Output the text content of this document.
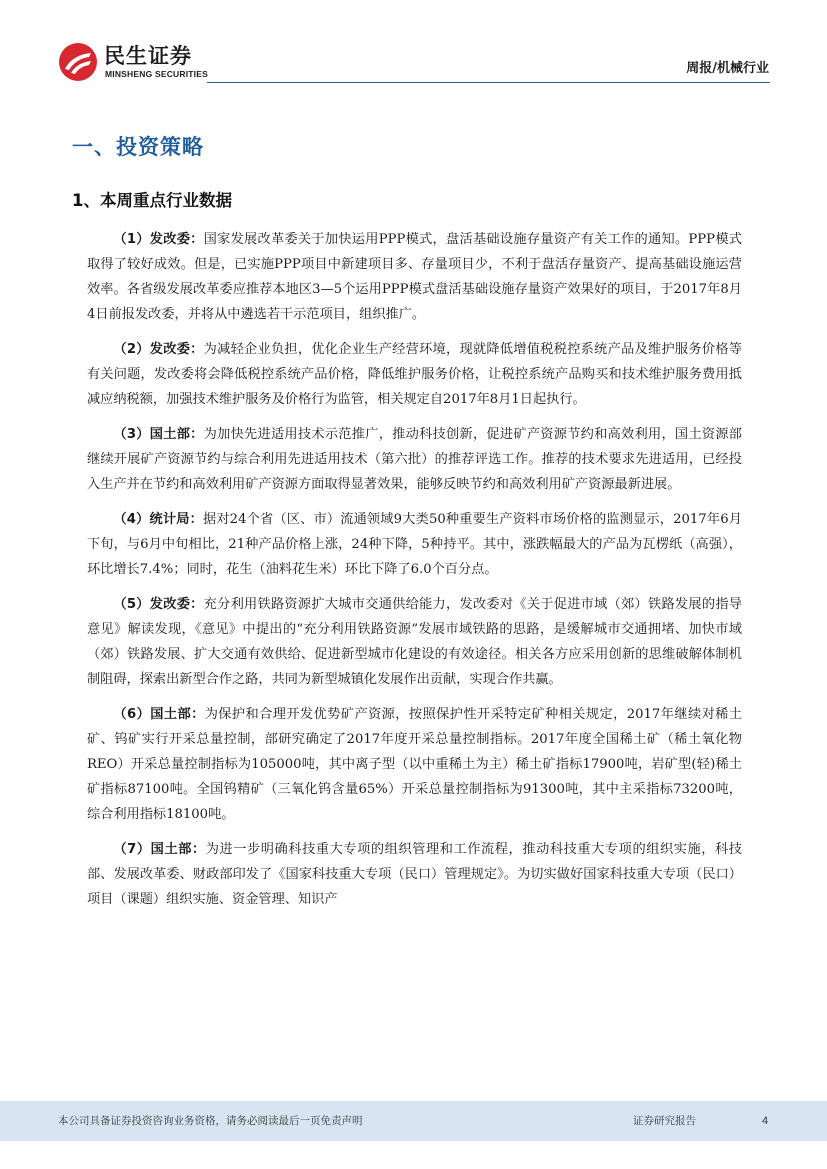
民生证券
MINSHENG SECURITIES	周报/机械行业
一、投资策略
1、本周重点行业数据

（1）发改委：国家发展改革委关于加快运用PPP模式，盘活基础设施存量资产有关工作的通知。PPP模式取得了较好成效。但是，已实施PPP项目中新建项目多、存量项目少，不利于盘活存量资产、提高基础设施运营效率。各省级发展改革委应推荐本地区3—5个运用PPP模式盘活基础设施存量资产效果好的项目，于2017年8月4日前报发改委，并将从中遴选若干示范项目，组织推广。

（2）发改委：为减轻企业负担，优化企业生产经营环境，现就降低增值税税控系统产品及维护服务价格等有关问题，发改委将会降低税控系统产品价格，降低维护服务价格，让税控系统产品购买和技术维护服务费用抵减应纳税额，加强技术维护服务及价格行为监管，相关规定自2017年8月1日起执行。

（3）国土部：为加快先进适用技术示范推广，推动科技创新，促进矿产资源节约和高效利用，国土资源部继续开展矿产资源节约与综合利用先进适用技术（第六批）的推荐评选工作。推荐的技术要求先进适用，已经投入生产并在节约和高效利用矿产资源方面取得显著效果，能够反映节约和高效利用矿产资源最新进展。

（4）统计局：据对24个省（区、市）流通领域9大类50种重要生产资料市场价格的监测显示，2017年6月下旬，与6月中旬相比，21种产品价格上涨，24种下降，5种持平。其中，涨跌幅最大的产品为瓦楞纸（高强），环比增长7.4%；同时，花生（油料花生米）环比下降了6.0个百分点。

（5）发改委：充分利用铁路资源扩大城市交通供给能力，发改委对《关于促进市域（郊）铁路发展的指导意见》解读发现，《意见》中提出的“充分利用铁路资源”发展市域铁路的思路，是缓解城市交通拥堵、加快市域（郊）铁路发展、扩大交通有效供给、促进新型城市化建设的有效途径。相关各方应采用创新的思维破解体制机制阻碍，探索出新型合作之路，共同为新型城镇化发展作出贡献，实现合作共赢。

（6）国土部：为保护和合理开发优势矿产资源，按照保护性开采特定矿种相关规定，2017年继续对稀土矿、钨矿实行开采总量控制，部研究确定了2017年度开采总量控制指标。2017年度全国稀土矿（稀土氧化物REO）开采总量控制指标为105000吨，其中离子型（以中重稀土为主）稀土矿指标17900吨，岩矿型(轻)稀土矿指标87100吨。全国钨精矿（三氧化钨含量65%）开采总量控制指标为91300吨，其中主采指标73200吨，综合利用指标18100吨。

（7）国土部：为进一步明确科技重大专项的组织管理和工作流程，推动科技重大专项的组织实施，科技部、发展改革委、财政部印发了《国家科技重大专项（民口）管理规定》。为切实做好国家科技重大专项（民口）项目（课题）组织实施、资金管理、知识产

本公司具备证券投资咨询业务资格，请务必阅读最后一页免责声明	证券研究报告	4
